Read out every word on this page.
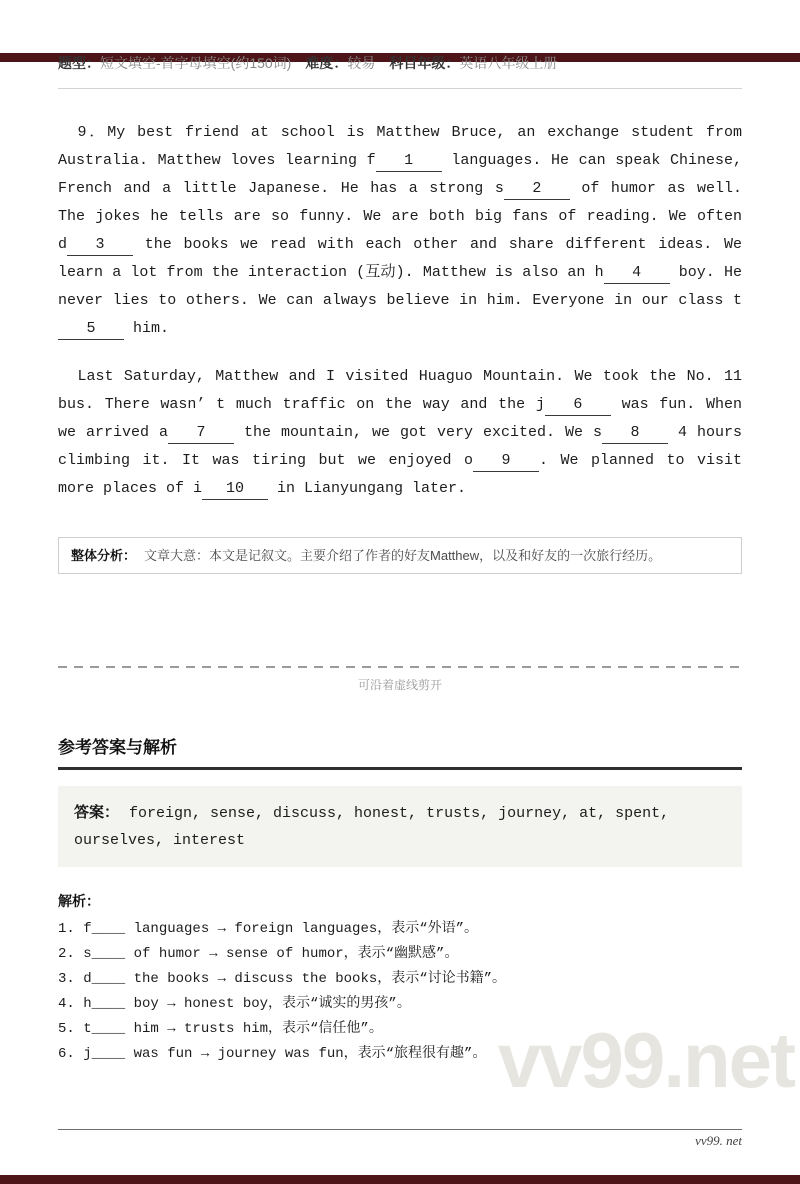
vv99.net
题型：短文填空-首字母填空(约150词) 难度：较易 科目年级：英语八年级上册

9．My best friend at school is Matthew Bruce, an exchange student from Australia. Matthew loves learning f 1 languages. He can speak Chinese, French and a little Japanese. He has a strong s 2 of humor as well. The jokes he tells are so funny. We are both big fans of reading. We often d 3 the books we read with each other and share different ideas. We learn a lot from the interaction (互动). Matthew is also an h 4 boy. He never lies to others. We can always believe in him. Everyone in our class t5 him.

Last Saturday, Matthew and I visited Huaguo Mountain. We took the No. 11 bus. There wasn’ t much traffic on the way and the j 6 was fun. When we arrived a 7 the mountain, we got very excited. We s 8 4 hours climbing it. It was tiring but we enjoyed o 9 . We planned to visit more places of i 10 in Lianyungang later.

整体分析： 文章大意：本文是记叙文。主要介绍了作者的好友Matthew，以及和好友的一次旅行经历。
可沿着虚线剪开
参考答案与解析
答案： foreign, sense, discuss, honest, trusts, journey, at, spent, ourselves, interest
解析：
1. f____ languages → foreign languages，表示“外语”。
2. s____ of humor → sense of humor，表示“幽默感”。
3. d____ the books → discuss the books，表示“讨论书籍”。
4. h____ boy → honest boy，表示“诚实的男孩”。
5. t____ him → trusts him，表示“信任他”。
6. j____ was fun → journey was fun，表示“旅程很有趣”。
vv99. net
